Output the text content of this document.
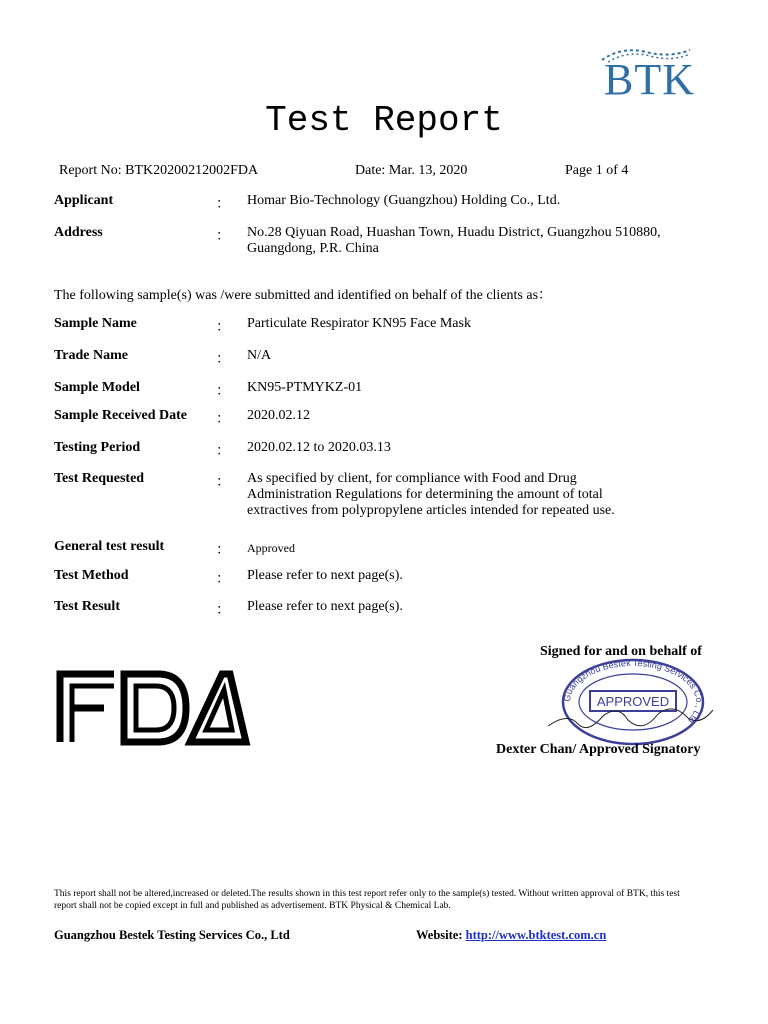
BTK
Test Report
Report No: BTK20200212002FDA	Date: Mar. 13, 2020	Page 1 of 4
Applicant	： Homar Bio-Technology (Guangzhou) Holding Co., Ltd.
Address	： No.28 Qiyuan Road, Huashan Town, Huadu District, Guangzhou 510880,
Guangdong, P.R. China
The following sample(s) was /were submitted and identified on behalf of the clients as：
Sample Name	： Particulate Respirator KN95 Face Mask
Trade Name	： N/A
Sample Model	： KN95-PTMYKZ-01
Sample Received Date ： 2020.02.12
Testing Period	： 2020.02.12 to 2020.03.13
Test Requested	： As specified by client, for compliance with Food and Drug
Administration Regulations for determining the amount of total
extractives from polypropylene articles intended for repeated use.
General test result	： Approved
Test Method	： Please refer to next page(s).
Test Result	： Please refer to next page(s).
Signed for and on behalf of
Guangzhou Bestek Testing Services Co., Ltd
APPROVED
Dexter Chan/ Approved Signatory
This report shall not be altered,increased or deleted.The results shown in this test report refer only to the sample(s) tested. Without written approval of BTK, this test report shall not be copied except in full and published as advertisement. BTK Physical & Chemical Lab.
Guangzhou Bestek Testing Services Co., Ltd	Website: http://www.btktest.com.cn
